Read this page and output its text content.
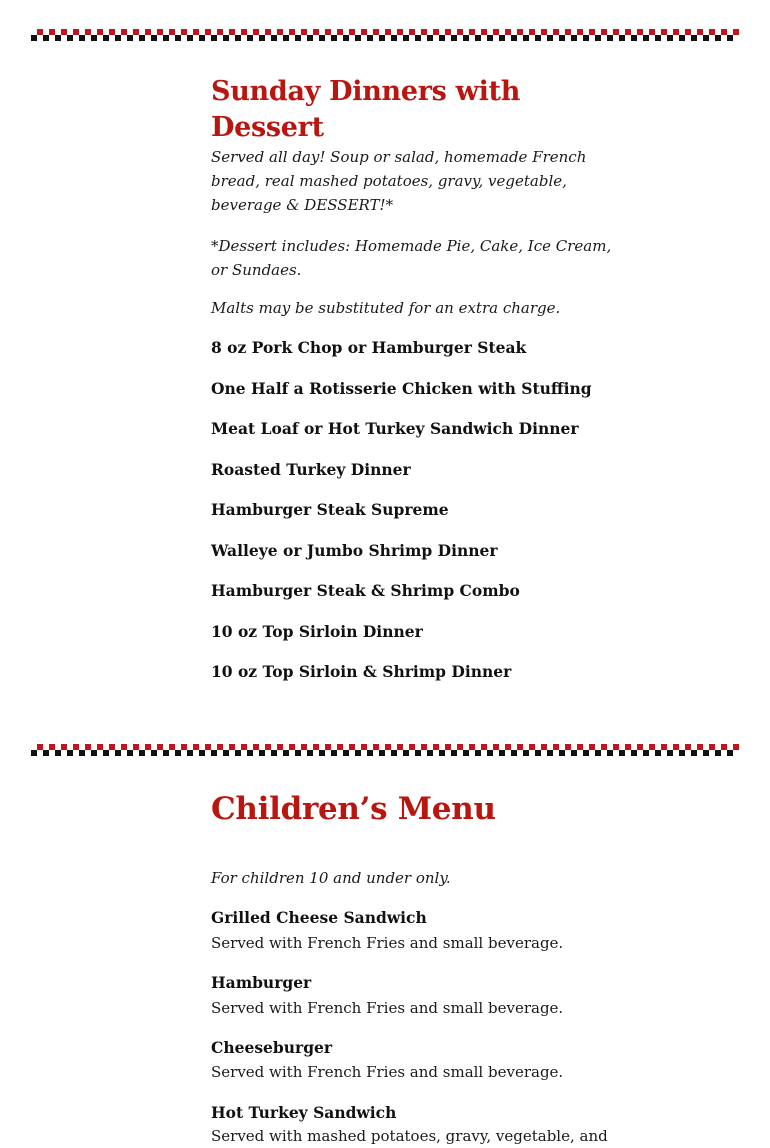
Sunday Dinners with Dessert

Served all day! Soup or salad, homemade French bread, real mashed potatoes, gravy, vegetable, beverage & DESSERT!*

*Dessert includes: Homemade Pie, Cake, Ice Cream, or Sundaes.

Malts may be substituted for an extra charge.

8 oz Pork Chop or Hamburger Steak

One Half a Rotisserie Chicken with Stuffing

Meat Loaf or Hot Turkey Sandwich Dinner

Roasted Turkey Dinner

Hamburger Steak Supreme

Walleye or Jumbo Shrimp Dinner

Hamburger Steak & Shrimp Combo

10 oz Top Sirloin Dinner

10 oz Top Sirloin & Shrimp Dinner

Children’s Menu

For children 10 and under only.

Grilled Cheese Sandwich

Served with French Fries and small beverage.

Hamburger

Served with French Fries and small beverage.

Cheeseburger

Served with French Fries and small beverage.

Hot Turkey Sandwich

Served with mashed potatoes, gravy, vegetable, and
